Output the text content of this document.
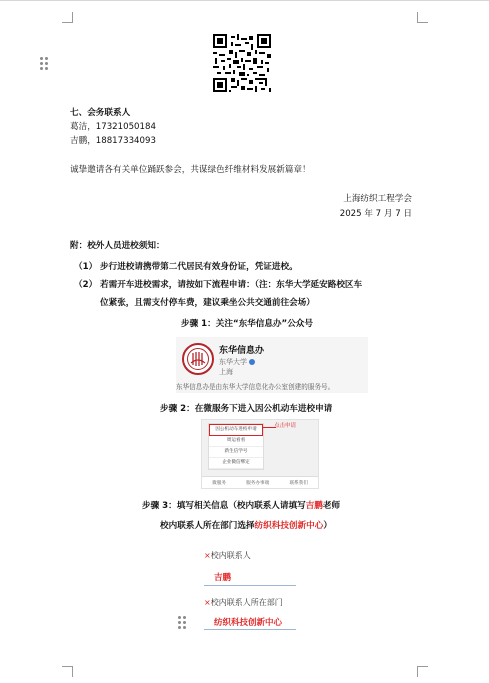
七、会务联系人
葛洁，17321050184
吉鹏，18817334093
诚挚邀请各有关单位踊跃参会，共谋绿色纤维材料发展新篇章！
上海纺织工程学会
2025 年 7 月 7 日
附：校外人员进校须知：
（1） 步行进校请携带第二代居民有效身份证，凭证进校。
（2） 若需开车进校需求，请按如下流程申请：（注：东华大学延安路校区车
位紧张，且需支付停车费，建议乘坐公共交通前往会场）
步骤 1：关注“东华信息办”公众号
东华信息办
东华大学
上海
东华信息办是由东华大学信息化办公室创建的服务号。
步骤 2：在微服务下进入因公机动车进校申请
因公机动车进校申请
周运看看
新生信学号
企业微信绑定
点击申请
微服务	服务办事端	联系我们
步骤 3：填写相关信息（校内联系人请填写吉鹏老师
校内联系人所在部门选择纺织科技创新中心）
×校内联系人
吉鹏
×校内联系人所在部门
纺织科技创新中心
